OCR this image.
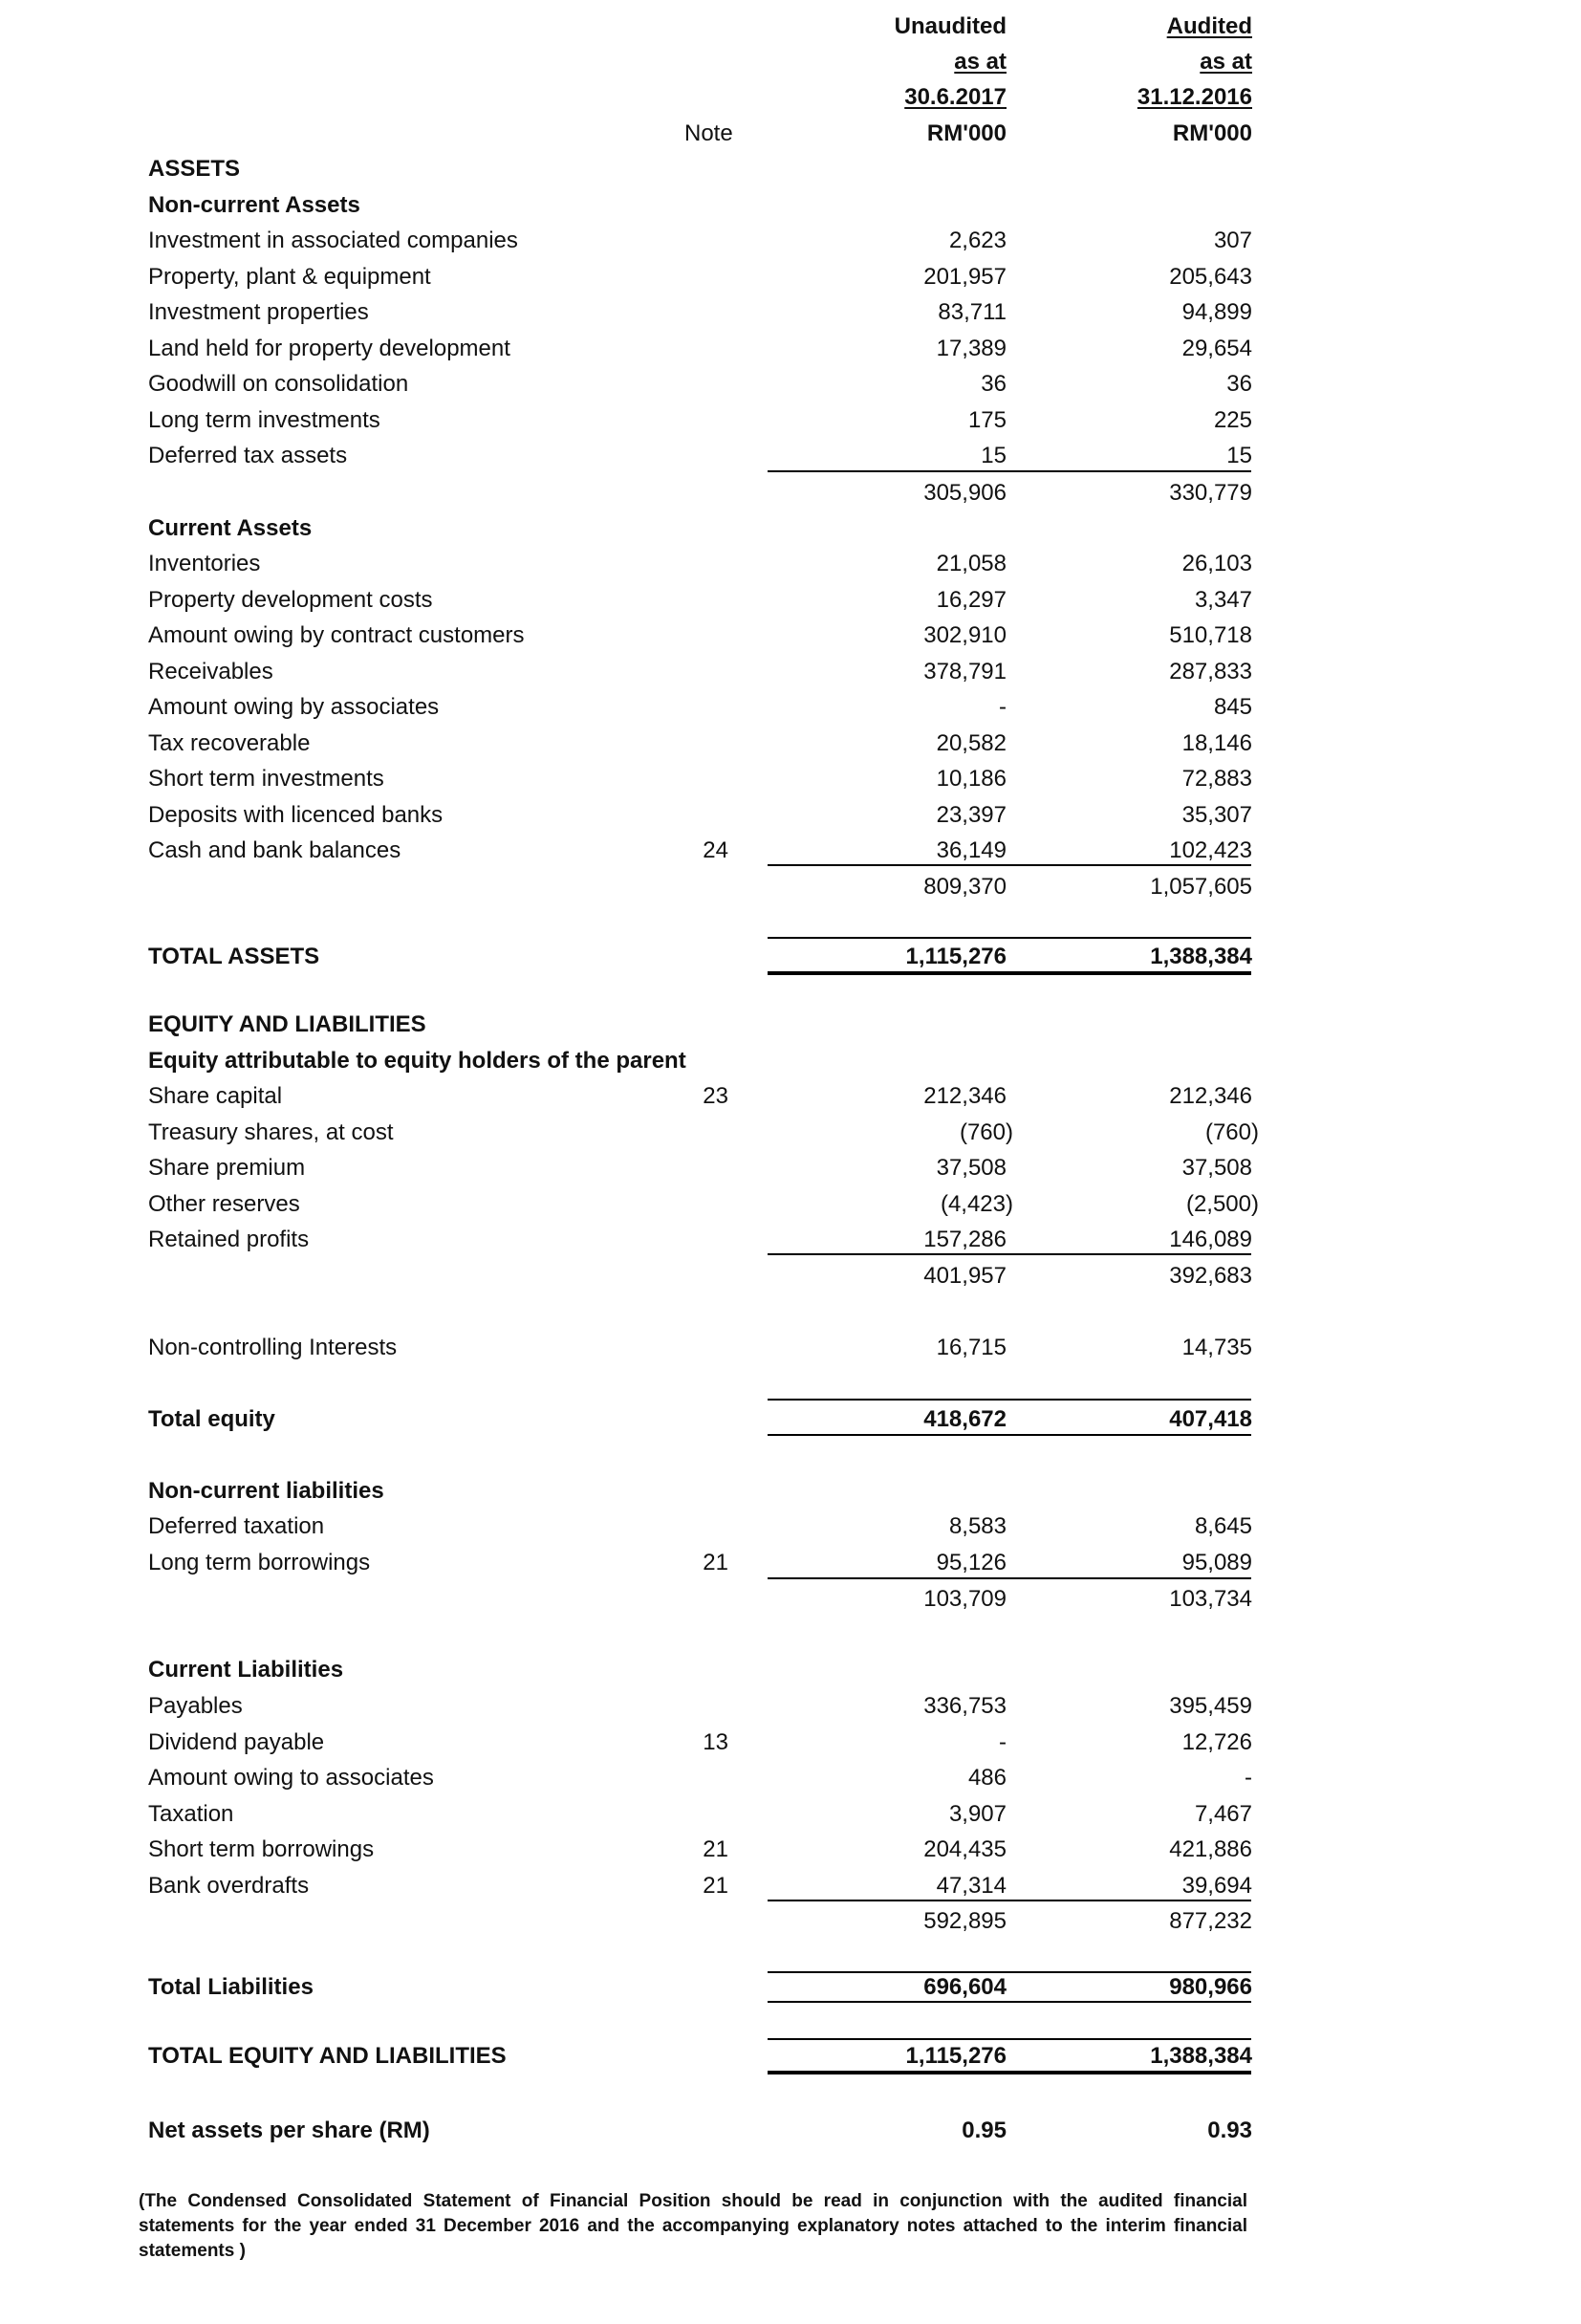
Unaudited	Audited
as at	as at
30.6.2017	31.12.2016
Note	RM'000	RM'000
ASSETS
Non-current Assets
Investment in associated companies	2,623	307
Property, plant & equipment	201,957	205,643
Investment properties	83,711	94,899
Land held for property development	17,389	29,654
Goodwill on consolidation	36	36
Long term investments	175	225
Deferred tax assets	15	15
305,906	330,779
Current Assets
Inventories	21,058	26,103
Property development costs	16,297	3,347
Amount owing by contract customers	302,910	510,718
Receivables	378,791	287,833
Amount owing by associates	-	845
Tax recoverable	20,582	18,146
Short term investments	10,186	72,883
Deposits with licenced banks	23,397	35,307
Cash and bank balances	24	36,149	102,423
809,370	1,057,605
TOTAL ASSETS	1,115,276	1,388,384
EQUITY AND LIABILITIES
Equity attributable to equity holders of the parent
Share capital	23	212,346	212,346
Treasury shares, at cost	(760)	(760)
Share premium	37,508	37,508
Other reserves	(4,423)	(2,500)
Retained profits	157,286	146,089
401,957	392,683
Non-controlling Interests	16,715	14,735
Total equity	418,672	407,418
Non-current liabilities
Deferred taxation	8,583	8,645
Long term borrowings	21	95,126	95,089
103,709	103,734
Current Liabilities
Payables	336,753	395,459
Dividend payable	13	-	12,726
Amount owing to associates	486	-
Taxation	3,907	7,467
Short term borrowings	21	204,435	421,886
Bank overdrafts	21	47,314	39,694
592,895	877,232
Total Liabilities	696,604	980,966
TOTAL EQUITY AND LIABILITIES	1,115,276	1,388,384
Net assets per share (RM)	0.95	0.93
(The Condensed Consolidated Statement of Financial Position should be read in conjunction with the audited financial statements for the year ended 31 December 2016 and the accompanying explanatory notes attached to the interim financial statements )
